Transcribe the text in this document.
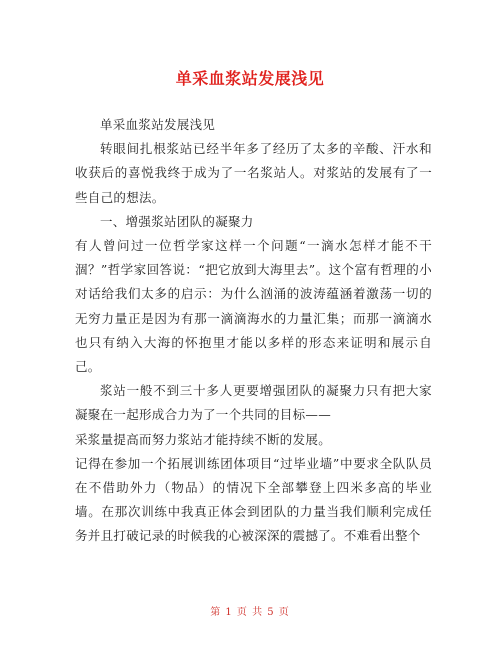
单采血浆站发展浅见

单采血浆站发展浅见

转眼间扎根浆站已经半年多了经历了太多的辛酸、汗水和收获后的喜悦我终于成为了一名浆站人。对浆站的发展有了一些自己的想法。

一、增强浆站团队的凝聚力

有人曾问过一位哲学家这样一个问题“一滴水怎样才能不干涸？”哲学家回答说：“把它放到大海里去”。这个富有哲理的小对话给我们太多的启示：为什么汹涌的波涛蕴涵着激荡一切的无穷力量正是因为有那一滴滴海水的力量汇集；而那一滴滴水也只有纳入大海的怀抱里才能以多样的形态来证明和展示自己。

浆站一般不到三十多人更要增强团队的凝聚力只有把大家凝聚在一起形成合力为了一个共同的目标——

采浆量提高而努力浆站才能持续不断的发展。

记得在参加一个拓展训练团体项目“过毕业墙”中要求全队队员在不借助外力（物品）的情况下全部攀登上四米多高的毕业墙。在那次训练中我真正体会到团队的力量当我们顺利完成任务并且打破记录的时候我的心被深深的震撼了。不难看出整个

第 1 页 共 5 页
